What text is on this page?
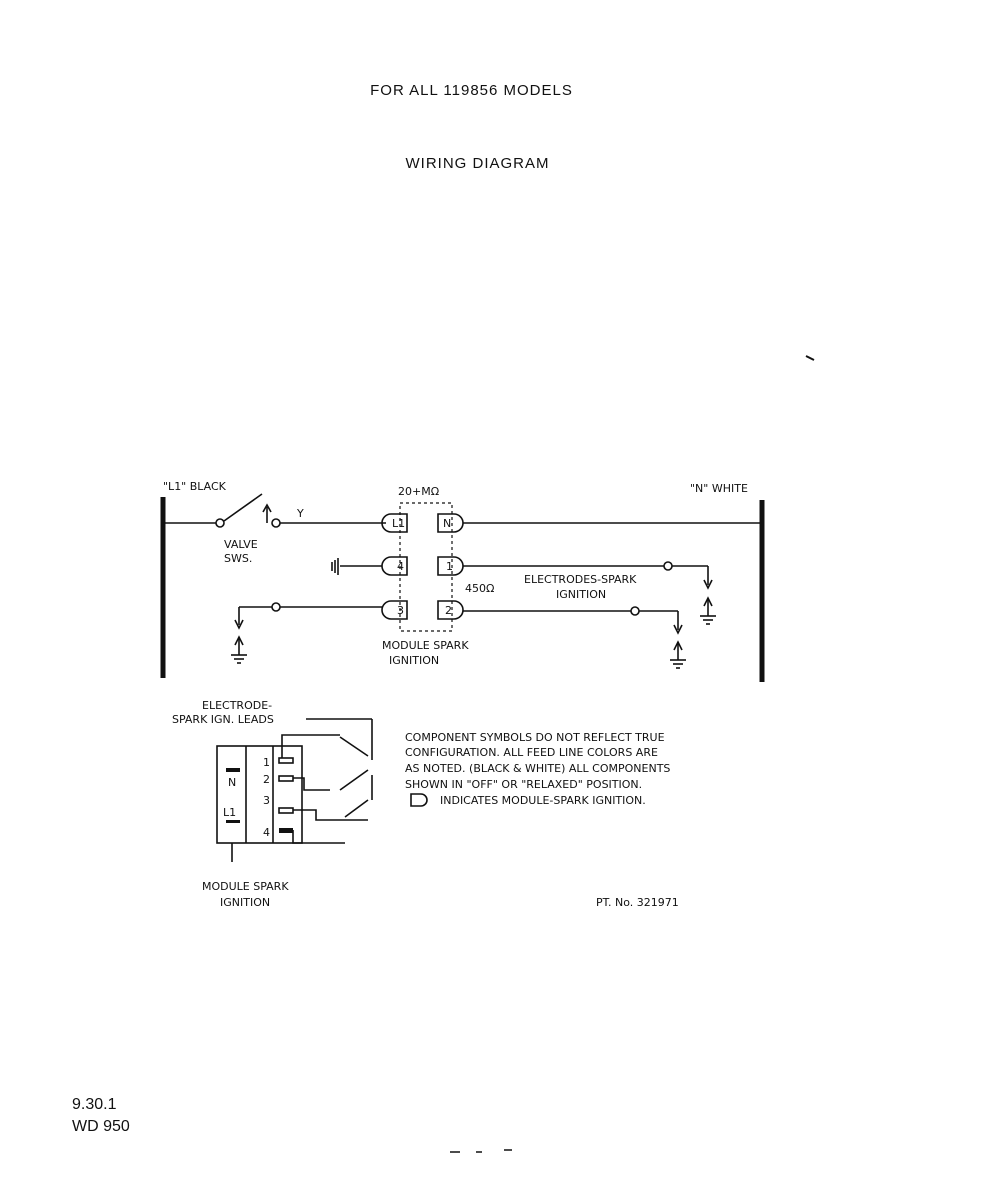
FOR ALL 119856 MODELS
WIRING DIAGRAM
"L1" BLACK	"N" WHITE
VALVE
SWS.
Y
20+MΩ
450Ω
L1
4
3
N
1
2
ELECTRODES-SPARK
IGNITION
MODULE SPARK
IGNITION
ELECTRODE-
SPARK IGN. LEADS
N
L1
1
2
3
4
MODULE SPARK
IGNITION
COMPONENT SYMBOLS DO NOT REFLECT TRUE
CONFIGURATION. ALL FEED LINE COLORS ARE
AS NOTED. (BLACK & WHITE) ALL COMPONENTS
SHOWN IN "OFF" OR "RELAXED" POSITION.
INDICATES MODULE-SPARK IGNITION.
PT. No. 321971
9.30.1
WD 950
